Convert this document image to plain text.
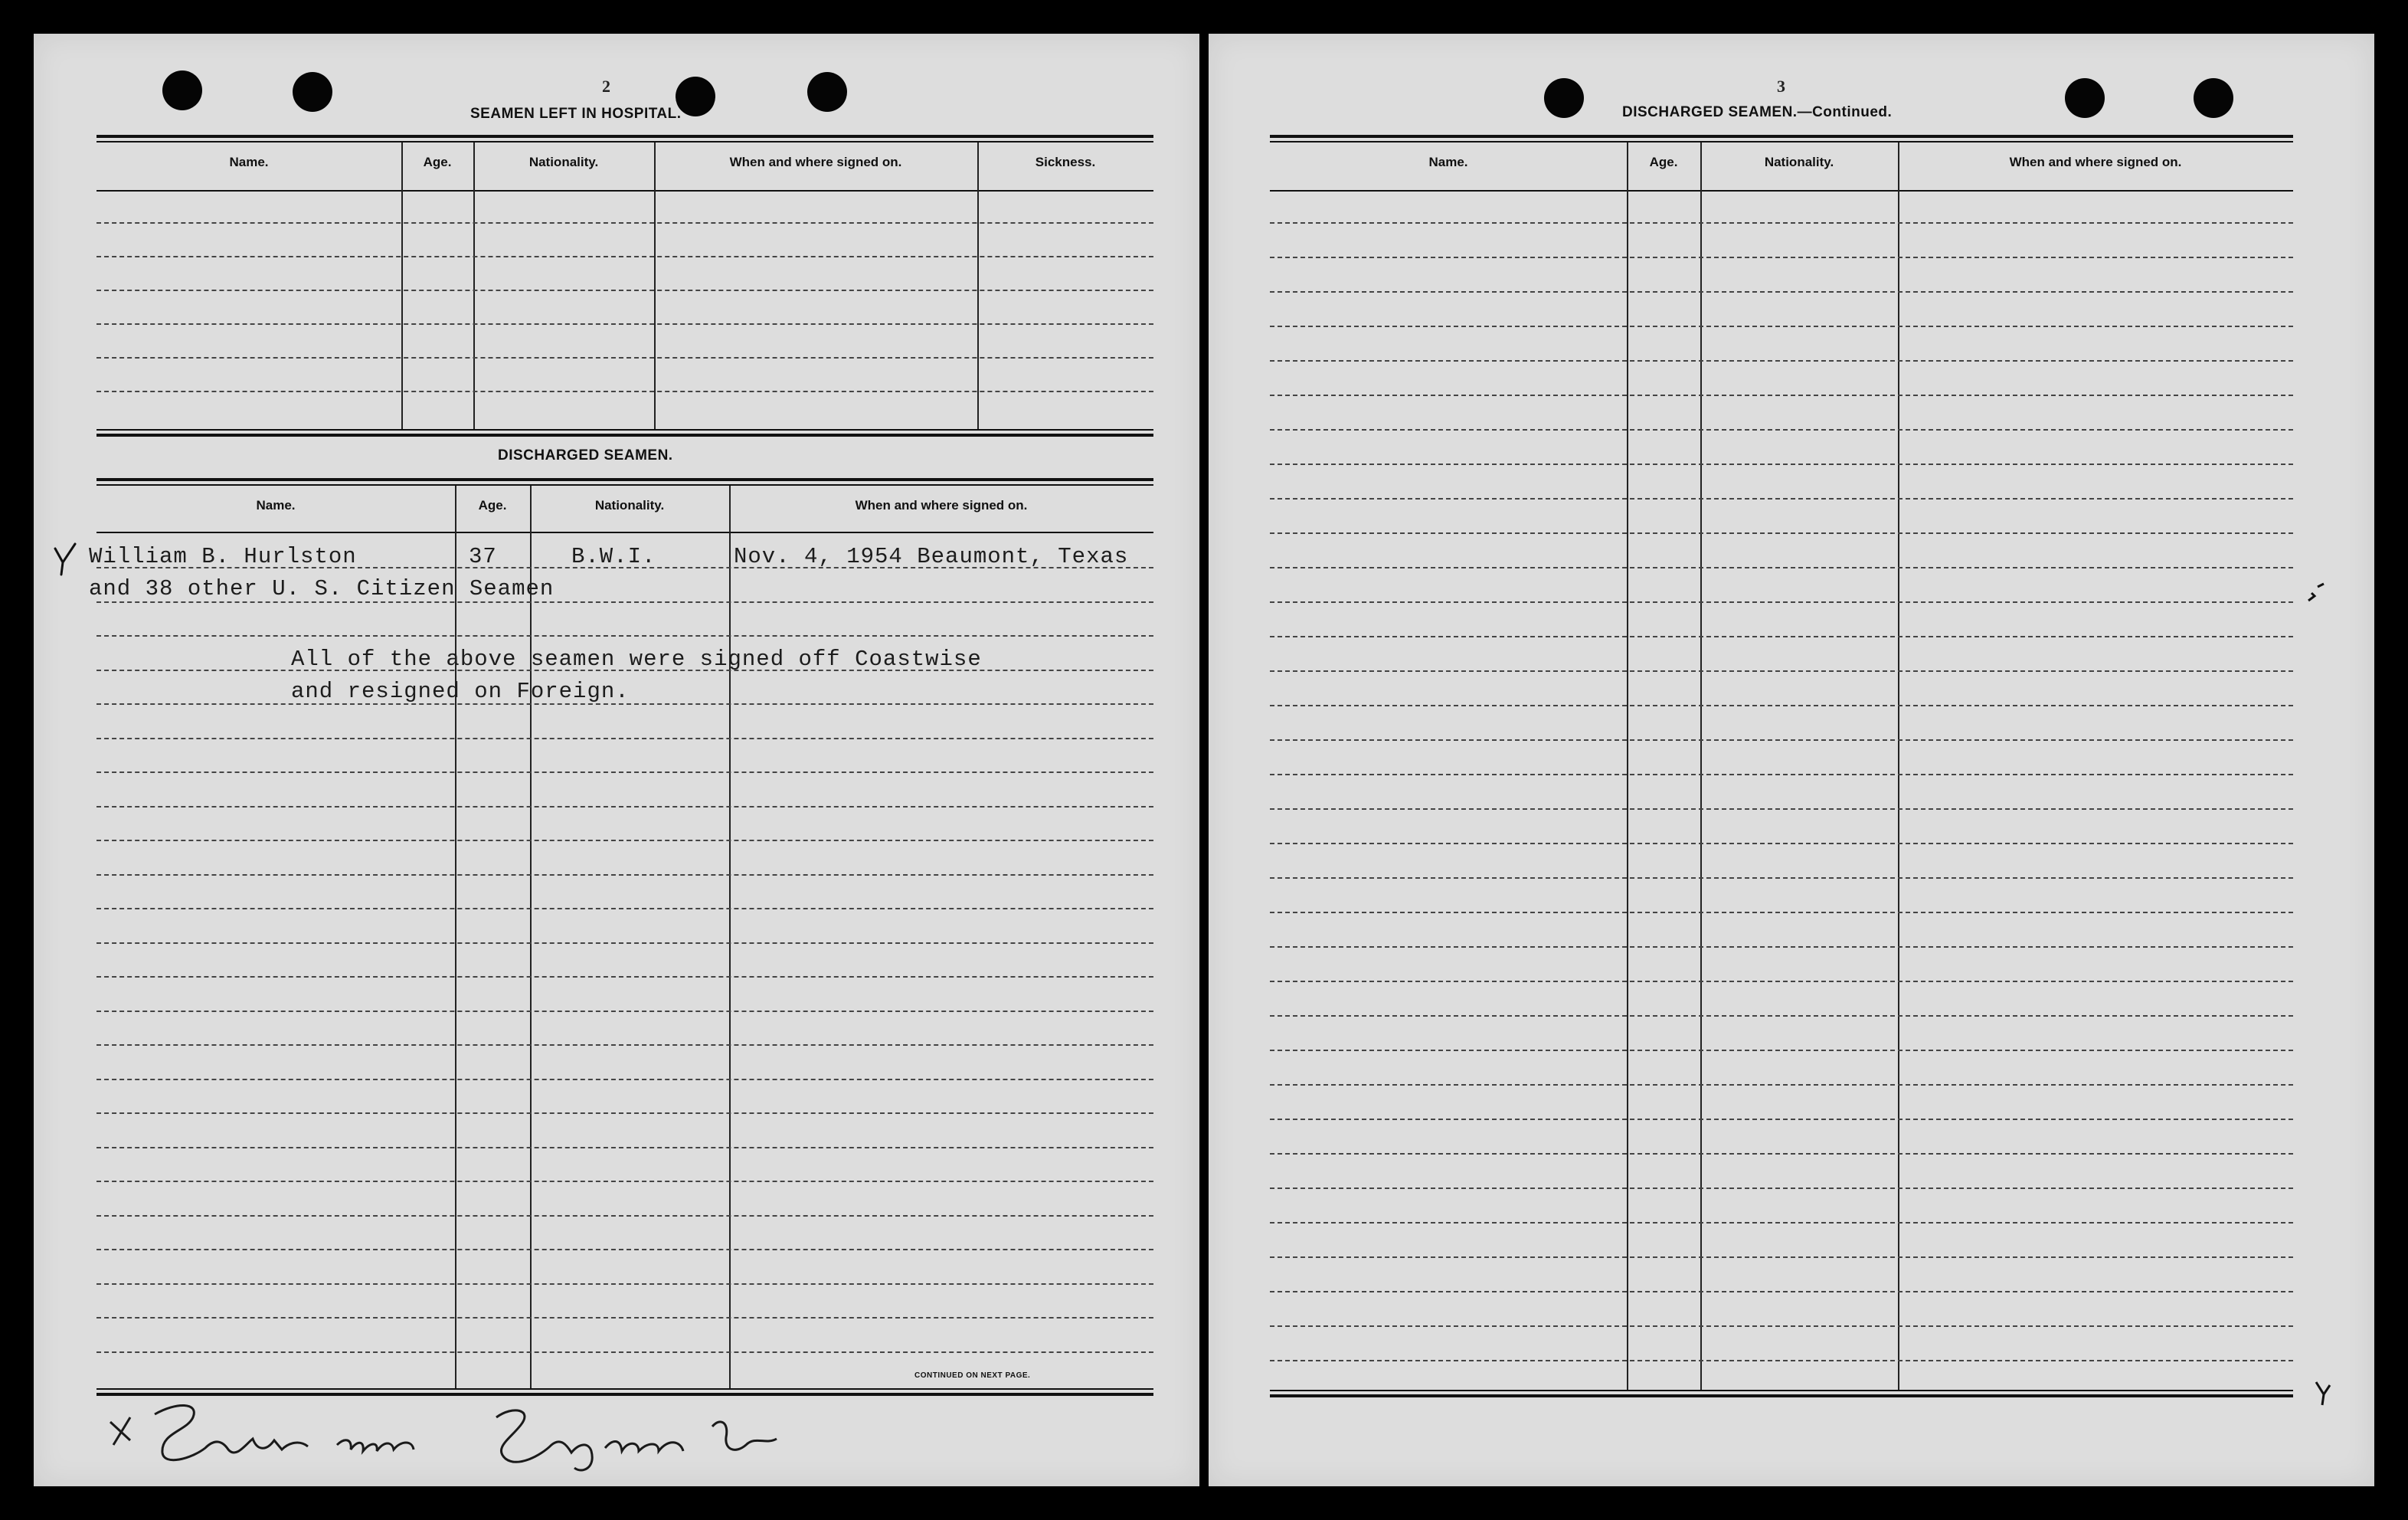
2
SEAMEN LEFT IN HOSPITAL.
Name.	Age.	Nationality.	When and where signed on.	Sickness.
DISCHARGED SEAMEN.
Name.	Age.	Nationality.	When and where signed on.
William B. Hurlston	37	B.W.I.	Nov. 4, 1954 Beaumont, Texas
and 38 other U. S. Citizen Seamen
All of the above seamen were signed off Coastwise
and resigned on Foreign.
CONTINUED ON NEXT PAGE.
3
DISCHARGED SEAMEN.—Continued.
Name.	Age.	Nationality.	When and where signed on.
